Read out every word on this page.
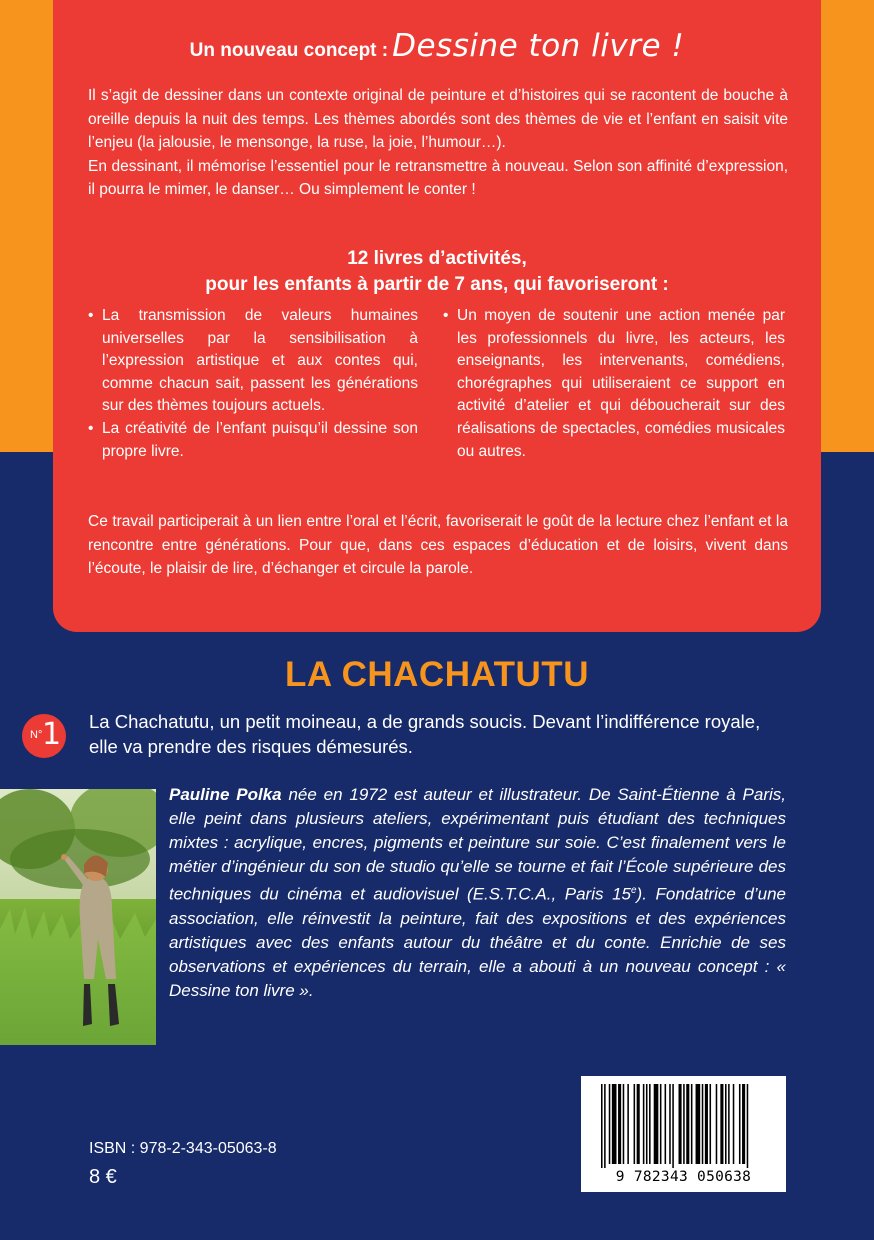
Un nouveau concept : Dessine ton livre !

Il s’agit de dessiner dans un contexte original de peinture et d’histoires qui se racontent de bouche à oreille depuis la nuit des temps. Les thèmes abordés sont des thèmes de vie et l’enfant en saisit vite l’enjeu (la jalousie, le mensonge, la ruse, la joie, l’humour…).

En dessinant, il mémorise l’essentiel pour le retransmettre à nouveau. Selon son affinité d’expression, il pourra le mimer, le danser… Ou simplement le conter !

12 livres d’activités,
pour les enfants à partir de 7 ans, qui favoriseront :
• La transmission de valeurs humaines universelles par la sensibilisation à l’expression artistique et aux contes qui, comme chacun sait, passent les générations sur des thèmes toujours actuels.
• La créativité de l’enfant puisqu’il dessine son propre livre.
• Un moyen de soutenir une action menée par les professionnels du livre, les acteurs, les enseignants, les intervenants, comédiens, chorégraphes qui utiliseraient ce support en activité d’atelier et qui déboucherait sur des réalisations de spectacles, comédies musicales ou autres.

Ce travail participerait à un lien entre l’oral et l’écrit, favoriserait le goût de la lecture chez l’enfant et la rencontre entre générations. Pour que, dans ces espaces d’éducation et de loisirs, vivent dans l’écoute, le plaisir de lire, d’échanger et circule la parole.

LA CHACHATUTU
N° 1 La Chachatutu, un petit moineau, a de grands soucis. Devant l’indifférence royale, elle va prendre des risques démesurés.

Pauline Polka née en 1972 est auteur et illustrateur. De Saint-Étienne à Paris, elle peint dans plusieurs ateliers, expérimentant puis étudiant des techniques mixtes : acrylique, encres, pigments et peinture sur soie. C’est finalement vers le métier d’ingénieur du son de studio qu’elle se tourne et fait l’École supérieure des techniques du cinéma et audiovisuel (E.S.T.C.A., Paris 15e). Fondatrice d’une association, elle réinvestit la peinture, fait des expositions et des expériences artistiques avec des enfants autour du théâtre et du conte. Enrichie de ses observations et expériences du terrain, elle a abouti à un nouveau concept : « Dessine ton livre ».

ISBN : 978-2-343-05063-8
8 €	9 782343 050638
